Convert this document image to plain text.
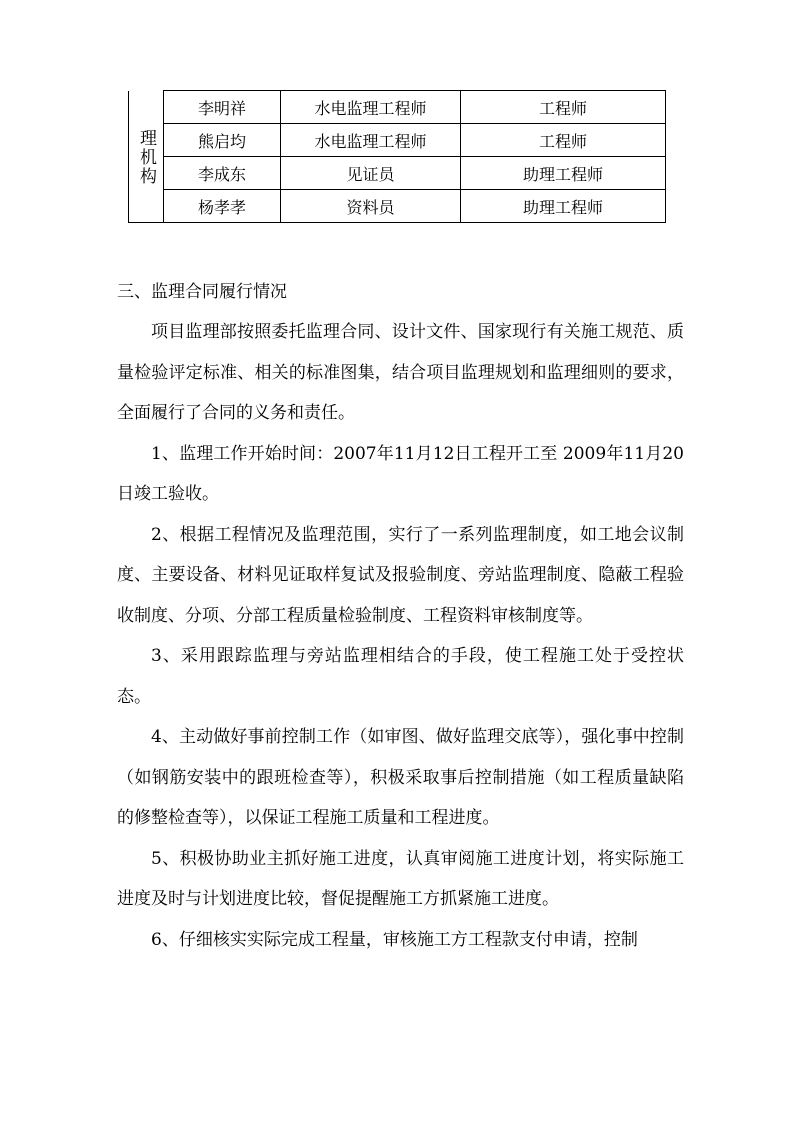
理机构	李明祥	水电监理工程师	工程师
	熊启均	水电监理工程师	工程师
	李成东	见证员	助理工程师
	杨孝孝	资料员	助理工程师
三、监理合同履行情况

项目监理部按照委托监理合同、设计文件、国家现行有关施工规范、质量检验评定标准、相关的标准图集，结合项目监理规划和监理细则的要求，全面履行了合同的义务和责任。

1、监理工作开始时间：2007年11月12日工程开工至 2009年11月20 日竣工验收。

2、根据工程情况及监理范围，实行了一系列监理制度，如工地会议制度、主要设备、材料见证取样复试及报验制度、旁站监理制度、隐蔽工程验收制度、分项、分部工程质量检验制度、工程资料审核制度等。

3、采用跟踪监理与旁站监理相结合的手段，使工程施工处于受控状态。

4、主动做好事前控制工作（如审图、做好监理交底等），强化事中控制（如钢筋安装中的跟班检查等），积极采取事后控制措施（如工程质量缺陷的修整检查等），以保证工程施工质量和工程进度。

5、积极协助业主抓好施工进度，认真审阅施工进度计划，将实际施工进度及时与计划进度比较，督促提醒施工方抓紧施工进度。

6、仔细核实实际完成工程量，审核施工方工程款支付申请，控制
